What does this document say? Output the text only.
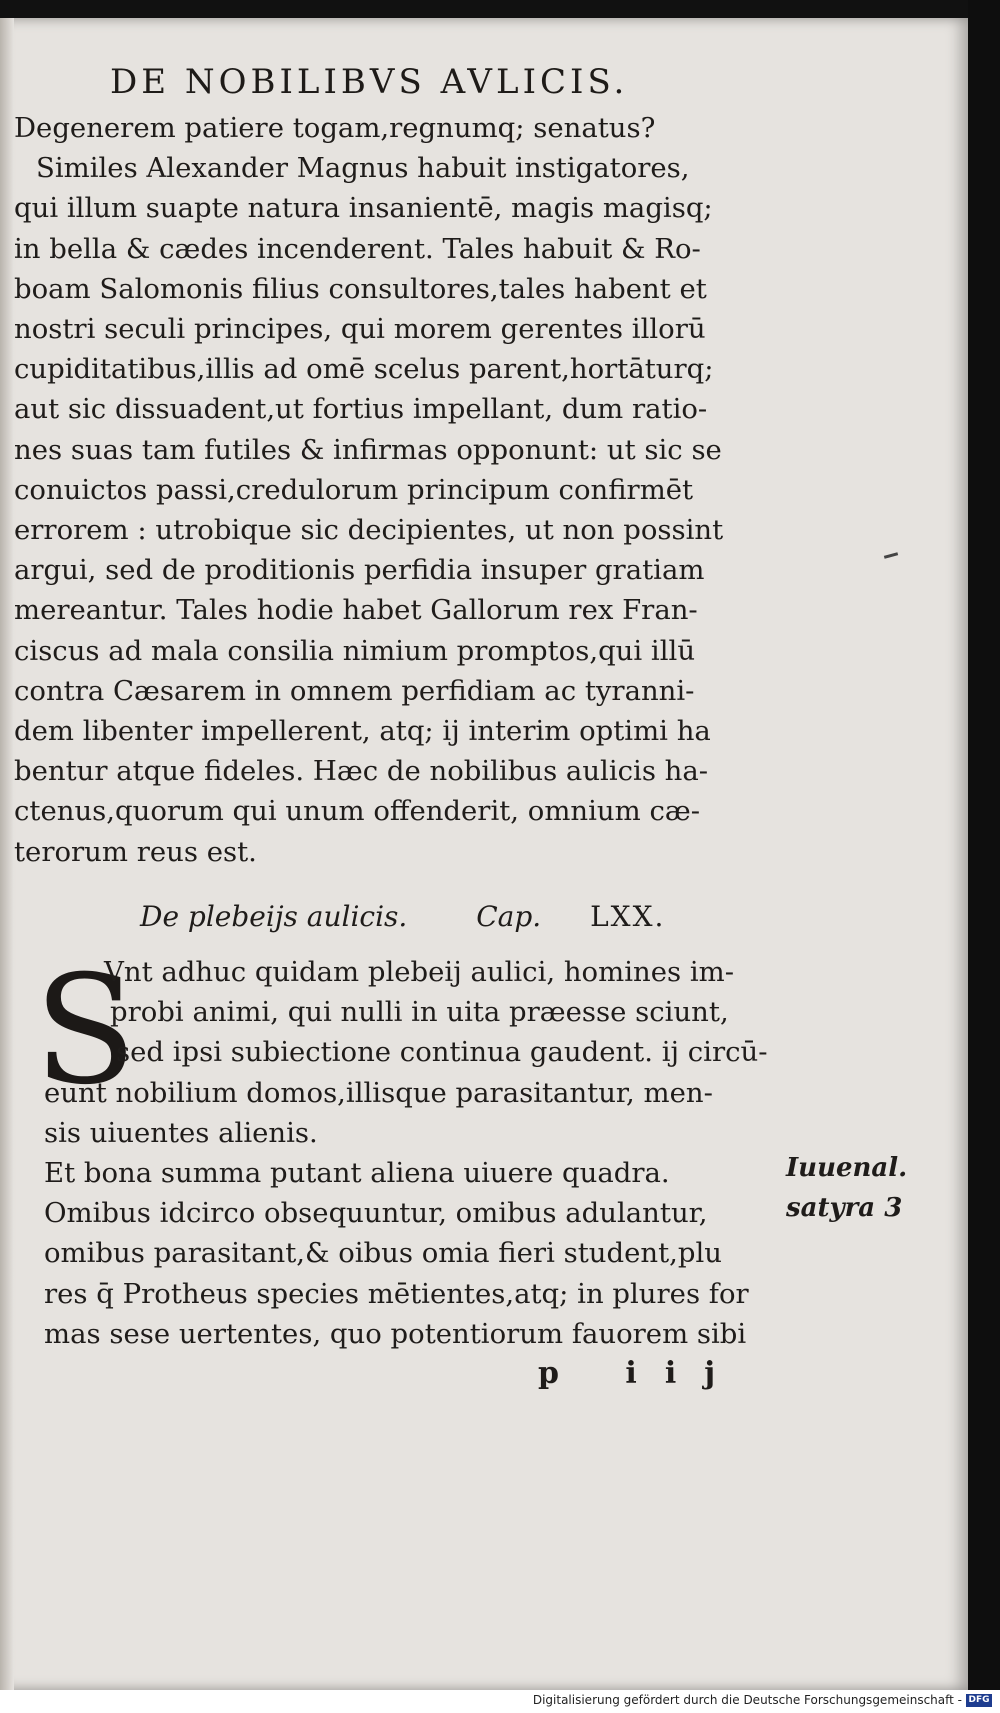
DE NOBILIBVS AVLICIS.
Degenerem patiere togam,regnumq; senatus?
Similes Alexander Magnus habuit instigatores,
qui illum suapte natura insanientē, magis magisq;
in bella & cædes incenderent. Tales habuit & Ro-
boam Salomonis filius consultores,tales habent et
nostri seculi principes, qui morem gerentes illorū
cupiditatibus,illis ad omē scelus parent,hortāturq;
aut sic dissuadent,ut fortius impellant, dum ratio-
nes suas tam futiles & infirmas opponunt: ut sic se
conuictos passi,credulorum principum confirmēt
errorem : utrobique sic decipientes, ut non possint
argui, sed de proditionis perfidia insuper gratiam
mereantur. Tales hodie habet Gallorum rex Fran-
ciscus ad mala consilia nimium promptos,qui illū
contra Cæsarem in omnem perfidiam ac tyranni-
dem libenter impellerent, atq; ij interim optimi ha
bentur atque fideles. Hæc de nobilibus aulicis ha-
ctenus,quorum qui unum offenderit, omnium cæ-
terorum reus est.
De plebeijs aulicis. Cap. LXX.
S
Vnt adhuc quidam plebeij aulici, homines im-
probi animi, qui nulli in uita præesse sciunt,
sed ipsi subiectione continua gaudent. ij circū-
eunt nobilium domos,illisque parasitantur, men-
sis uiuentes alienis.
Et bona summa putant aliena uiuere quadra.
Omibus idcirco obsequuntur, omibus adulantur,
omibus parasitant,& oibus omia fieri student,plu
res q̄ Protheus species mētientes,atq; in plures for
mas sese uertentes, quo potentiorum fauorem sibi
Iuuenal.
satyra 3
p iij
Digitalisierung gefördert durch die Deutsche Forschungsgemeinschaft - DFG
